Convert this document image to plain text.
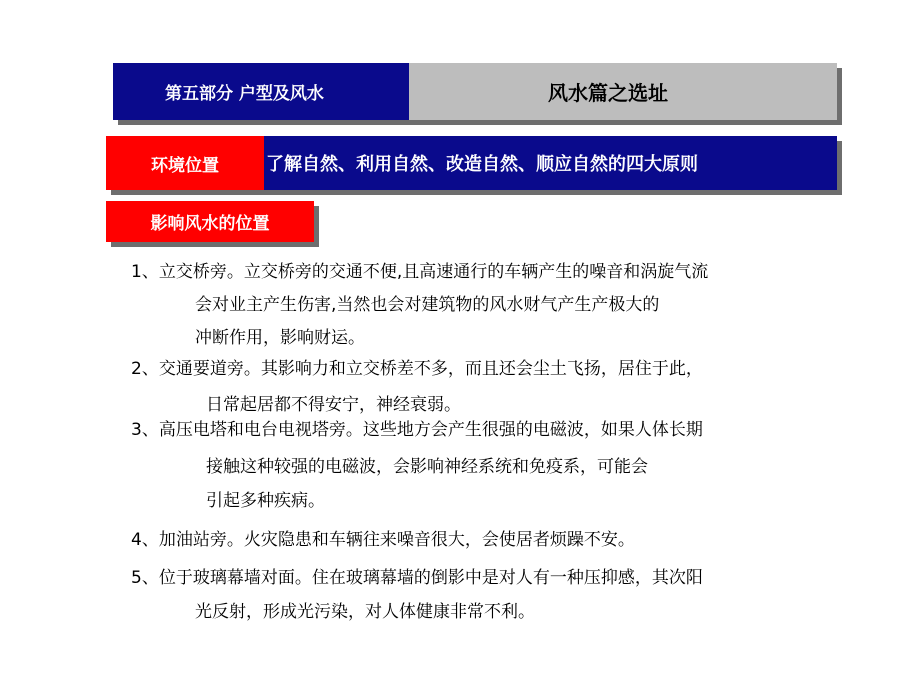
第五部分 户型及风水	风水篇之选址
环境位置	了解自然、利用自然、改造自然、顺应自然的四大原则
影响风水的位置
1、立交桥旁。立交桥旁的交通不便,且高速通行的车辆产生的噪音和涡旋气流
会对业主产生伤害,当然也会对建筑物的风水财气产生产极大的
冲断作用，影响财运。
2、交通要道旁。其影响力和立交桥差不多，而且还会尘土飞扬，居住于此，
日常起居都不得安宁，神经衰弱。
3、高压电塔和电台电视塔旁。这些地方会产生很强的电磁波，如果人体长期
接触这种较强的电磁波，会影响神经系统和免疫系，可能会
引起多种疾病。
4、加油站旁。火灾隐患和车辆往来噪音很大，会使居者烦躁不安。
5、位于玻璃幕墙对面。住在玻璃幕墙的倒影中是对人有一种压抑感，其次阳
光反射，形成光污染，对人体健康非常不利。
